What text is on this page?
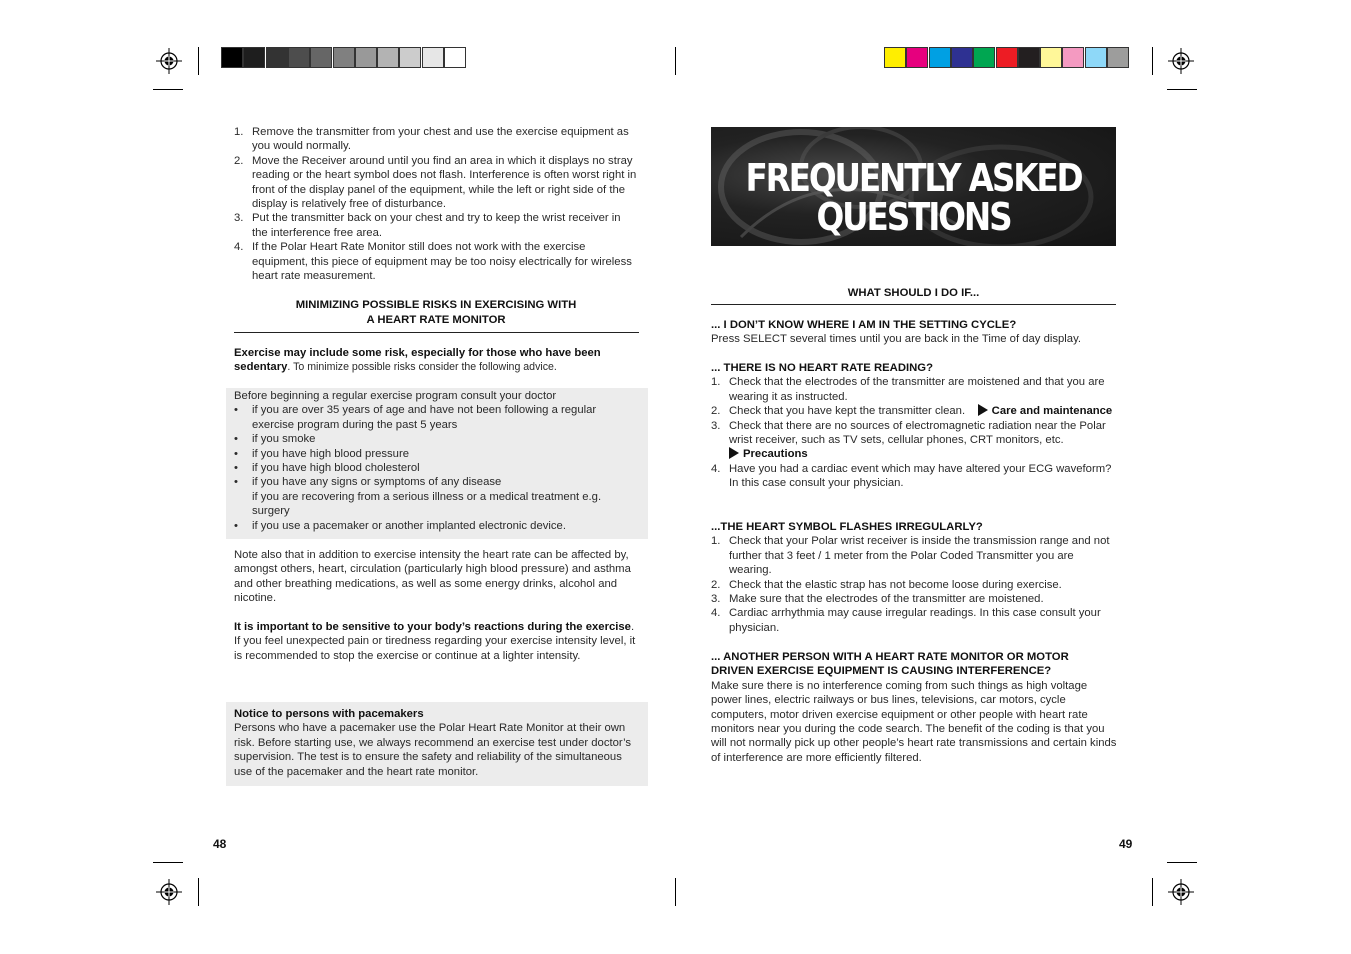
1. Remove the transmitter from your chest and use the exercise equipment as you would normally.
2. Move the Receiver around until you find an area in which it displays no stray reading or the heart symbol does not flash. Interference is often worst right in front of the display panel of the equipment, while the left or right side of the display is relatively free of disturbance.
3. Put the transmitter back on your chest and try to keep the wrist receiver in the interference free area.
4. If the Polar Heart Rate Monitor still does not work with the exercise equipment, this piece of equipment may be too noisy electrically for wireless heart rate measurement.
MINIMIZING POSSIBLE RISKS IN EXERCISING WITH
A HEART RATE MONITOR
Exercise may include some risk, especially for those who have been sedentary. To minimize possible risks consider the following advice.
Before beginning a regular exercise program consult your doctor
• if you are over 35 years of age and have not been following a regular exercise program during the past 5 years
• if you smoke
• if you have high blood pressure
• if you have high blood cholesterol
• if you have any signs or symptoms of any disease
if you are recovering from a serious illness or a medical treatment e.g. surgery
• if you use a pacemaker or another implanted electronic device.
Note also that in addition to exercise intensity the heart rate can be affected by, amongst others, heart, circulation (particularly high blood pressure) and asthma and other breathing medications, as well as some energy drinks, alcohol and nicotine.
It is important to be sensitive to your body’s reactions during the exercise. If you feel unexpected pain or tiredness regarding your exercise intensity level, it is recommended to stop the exercise or continue at a lighter intensity.
Notice to persons with pacemakers
Persons who have a pacemaker use the Polar Heart Rate Monitor at their own risk. Before starting use, we always recommend an exercise test under doctor’s supervision. The test is to ensure the safety and reliability of the simultaneous use of the pacemaker and the heart rate monitor.
48
FREQUENTLY ASKED
QUESTIONS
WHAT SHOULD I DO IF...
... I DON’T KNOW WHERE I AM IN THE SETTING CYCLE?
Press SELECT several times until you are back in the Time of day display.
... THERE IS NO HEART RATE READING?
1. Check that the electrodes of the transmitter are moistened and that you are wearing it as instructed.
2. Check that you have kept the transmitter clean. Care and maintenance
3. Check that there are no sources of electromagnetic radiation near the Polar wrist receiver, such as TV sets, cellular phones, CRT monitors, etc.
Precautions
4. Have you had a cardiac event which may have altered your ECG waveform? In this case consult your physician.
...THE HEART SYMBOL FLASHES IRREGULARLY?
1. Check that your Polar wrist receiver is inside the transmission range and not further that 3 feet / 1 meter from the Polar Coded Transmitter you are wearing.
2. Check that the elastic strap has not become loose during exercise.
3. Make sure that the electrodes of the transmitter are moistened.
4. Cardiac arrhythmia may cause irregular readings. In this case consult your physician.
... ANOTHER PERSON WITH A HEART RATE MONITOR OR MOTOR DRIVEN EXERCISE EQUIPMENT IS CAUSING INTERFERENCE?
Make sure there is no interference coming from such things as high voltage power lines, electric railways or bus lines, televisions, car motors, cycle computers, motor driven exercise equipment or other people with heart rate monitors near you during the code search. The benefit of the coding is that you will not normally pick up other people’s heart rate transmissions and certain kinds of interference are more efficiently filtered.
49
